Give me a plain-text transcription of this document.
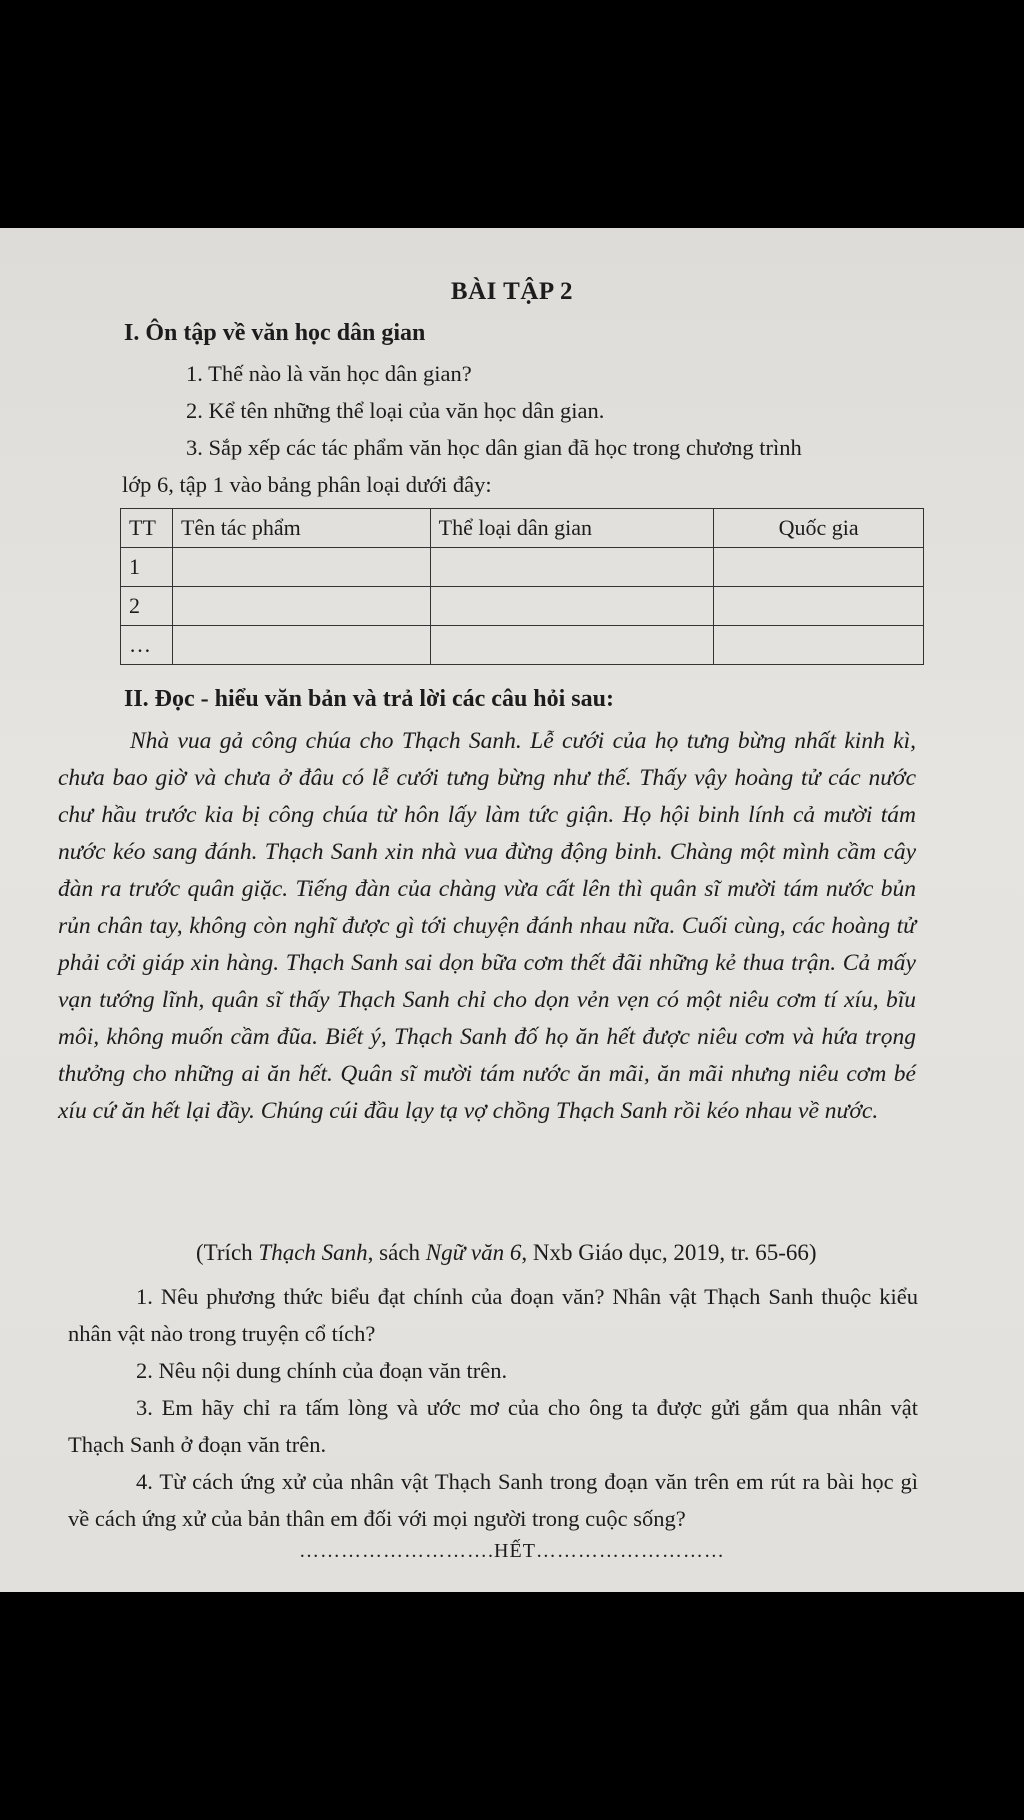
BÀI TẬP 2
I. Ôn tập về văn học dân gian
1. Thế nào là văn học dân gian?
2. Kể tên những thể loại của văn học dân gian.
3. Sắp xếp các tác phẩm văn học dân gian đã học trong chương trình
lớp 6, tập 1 vào bảng phân loại dưới đây:
TT	Tên tác phẩm	Thể loại dân gian	Quốc gia
1			
2			
…			
II. Đọc - hiểu văn bản và trả lời các câu hỏi sau:

Nhà vua gả công chúa cho Thạch Sanh. Lễ cưới của họ tưng bừng nhất kinh kì, chưa bao giờ và chưa ở đâu có lễ cưới tưng bừng như thế. Thấy vậy hoàng tử các nước chư hầu trước kia bị công chúa từ hôn lấy làm tức giận. Họ hội binh lính cả mười tám nước kéo sang đánh. Thạch Sanh xin nhà vua đừng động binh. Chàng một mình cầm cây đàn ra trước quân giặc. Tiếng đàn của chàng vừa cất lên thì quân sĩ mười tám nước bủn rủn chân tay, không còn nghĩ được gì tới chuyện đánh nhau nữa. Cuối cùng, các hoàng tử phải cởi giáp xin hàng. Thạch Sanh sai dọn bữa cơm thết đãi những kẻ thua trận. Cả mấy vạn tướng lĩnh, quân sĩ thấy Thạch Sanh chỉ cho dọn vẻn vẹn có một niêu cơm tí xíu, bĩu môi, không muốn cầm đũa. Biết ý, Thạch Sanh đố họ ăn hết được niêu cơm và hứa trọng thưởng cho những ai ăn hết. Quân sĩ mười tám nước ăn mãi, ăn mãi nhưng niêu cơm bé xíu cứ ăn hết lại đầy. Chúng cúi đầu lạy tạ vợ chồng Thạch Sanh rồi kéo nhau về nước.

(Trích Thạch Sanh, sách Ngữ văn 6, Nxb Giáo dục, 2019, tr. 65-66)

1. Nêu phương thức biểu đạt chính của đoạn văn? Nhân vật Thạch Sanh thuộc kiểu nhân vật nào trong truyện cổ tích?

2. Nêu nội dung chính của đoạn văn trên.

3. Em hãy chỉ ra tấm lòng và ước mơ của cho ông ta được gửi gắm qua nhân vật Thạch Sanh ở đoạn văn trên.

4. Từ cách ứng xử của nhân vật Thạch Sanh trong đoạn văn trên em rút ra bài học gì về cách ứng xử của bản thân em đối với mọi người trong cuộc sống?

……………………….HẾT………………………
